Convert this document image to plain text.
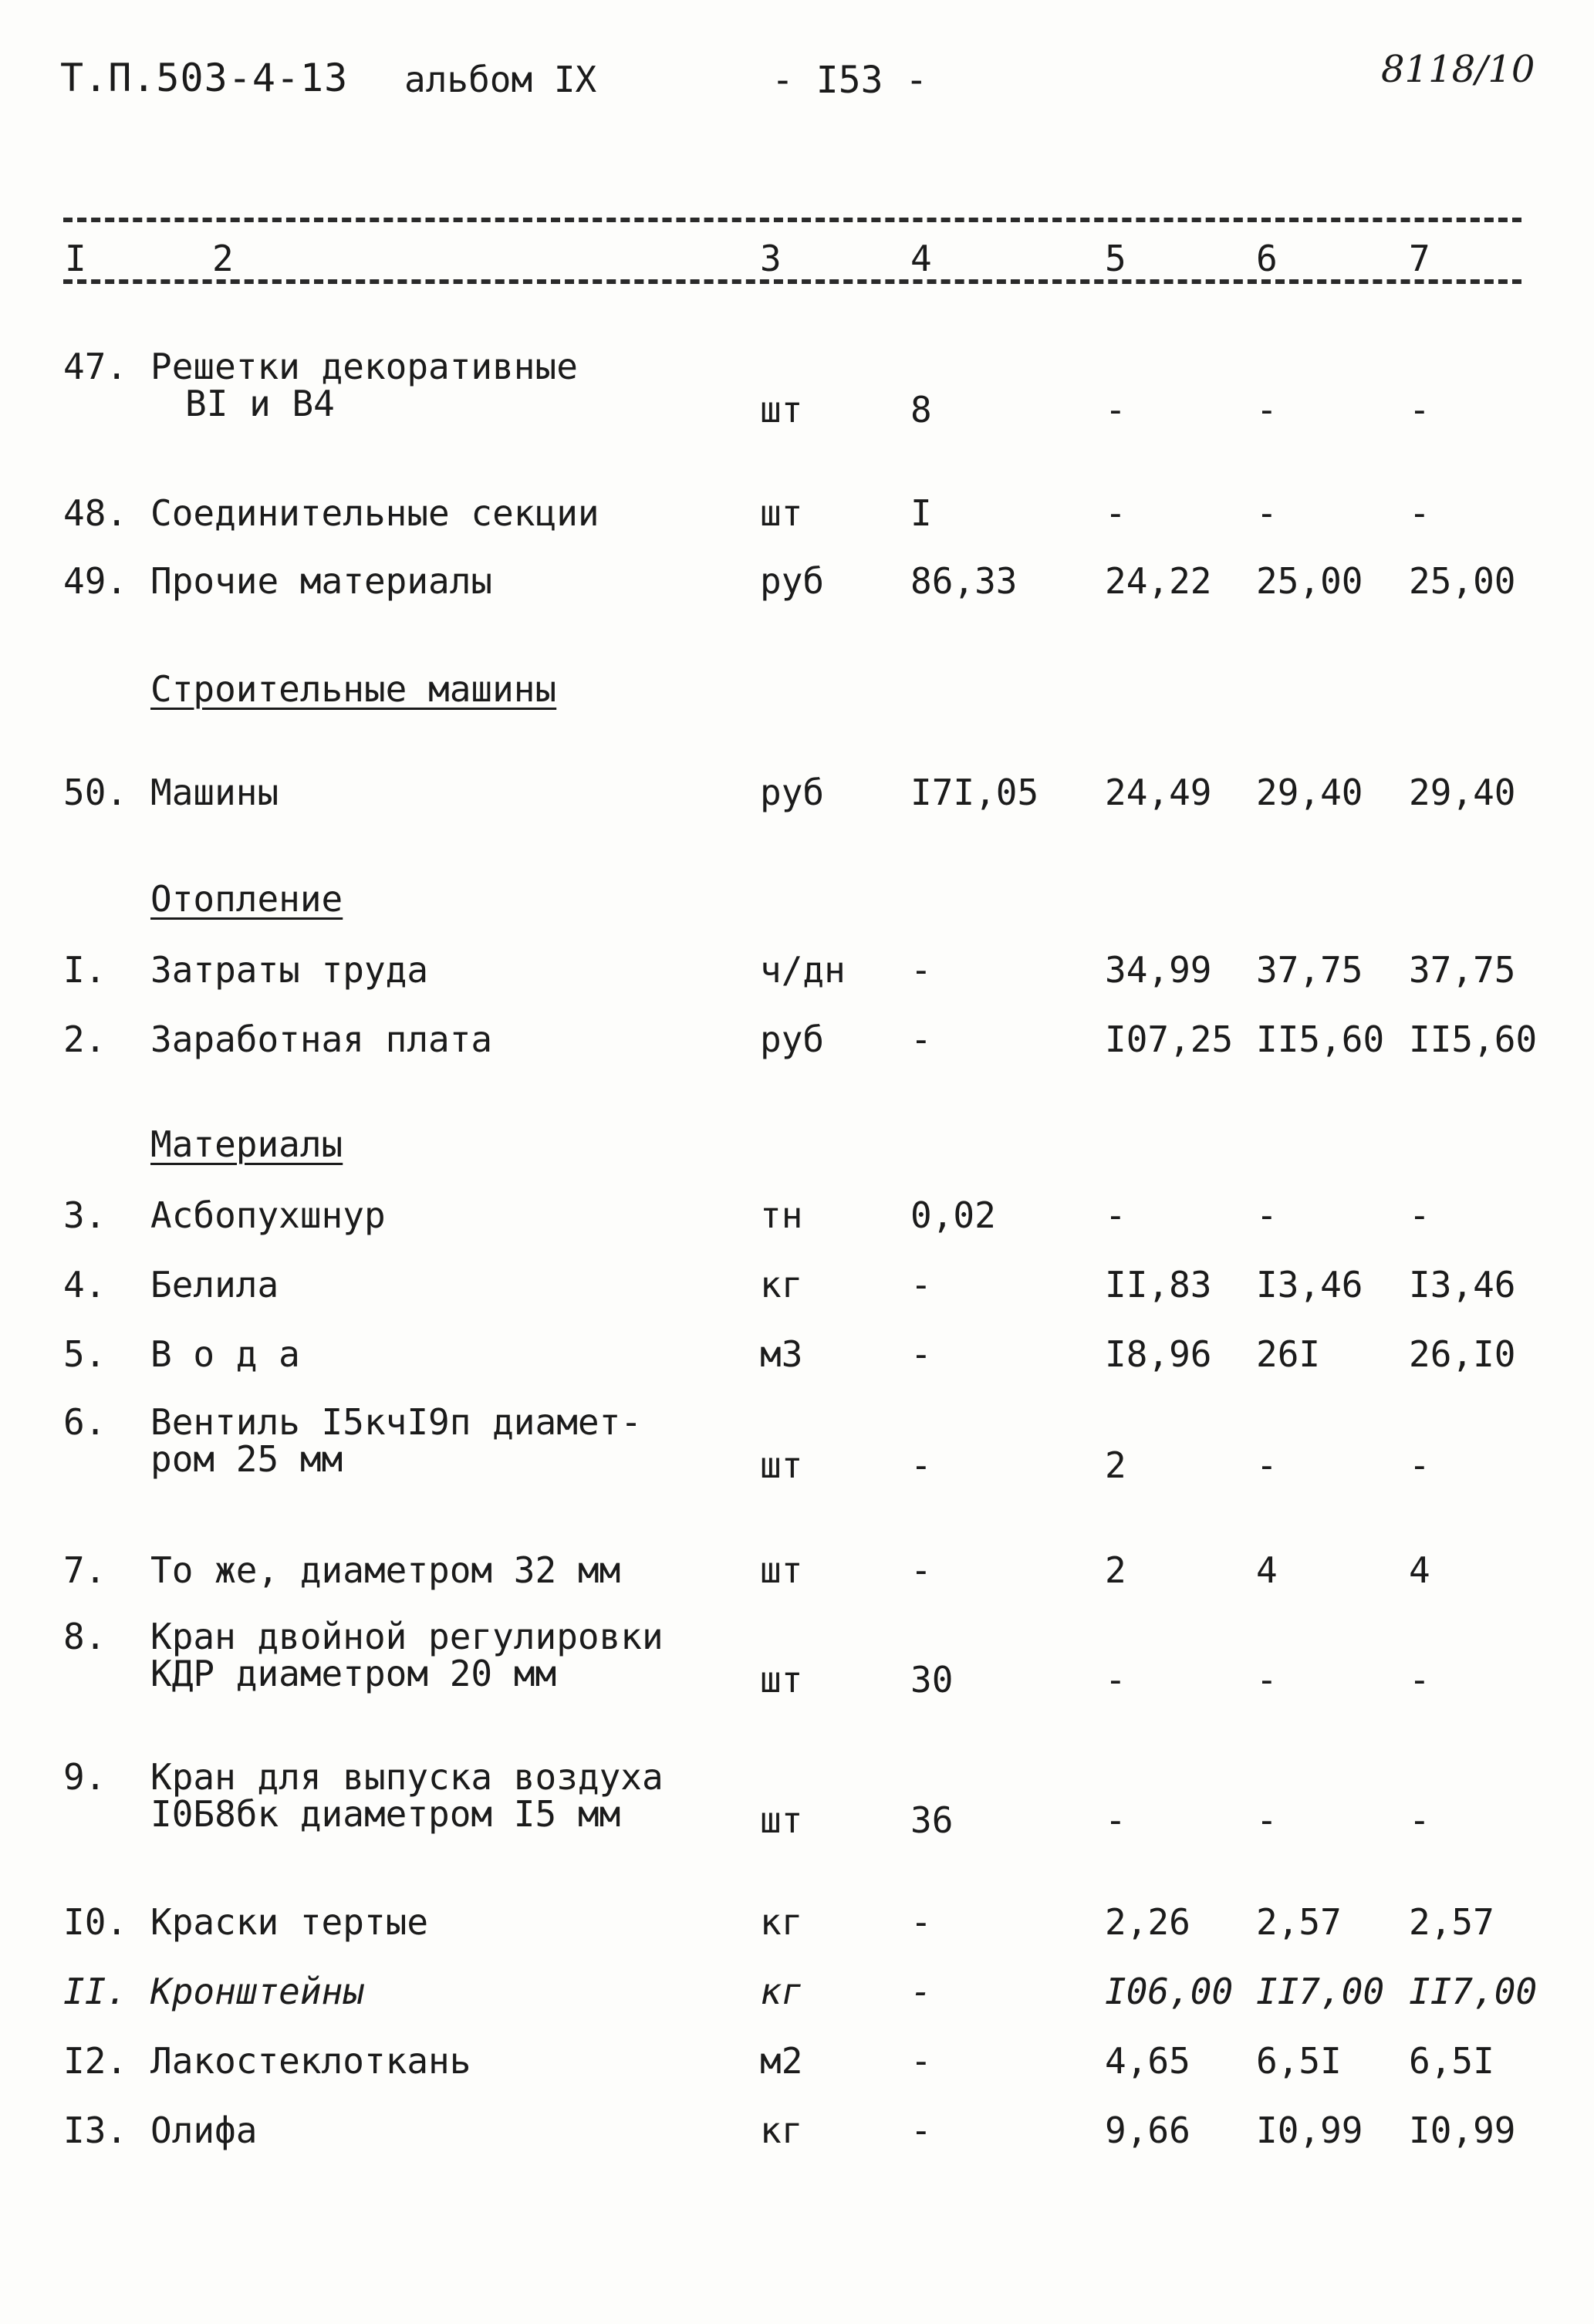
Т.П.503-4-13 альбом IX	- I53 -	8118/10
I	2	3	4	5	6	7
47. Решетки декоративные
BI и B4	шт	8	-	-	-
48. Соединительные секции	шт	I	-	-	-
49. Прочие материалы	руб 86,33 24,22 25,00 25,00
Строительные машины
50. Машины	руб I7I,05 24,49 29,40 29,40
Отопление
I. Затраты труда	ч/дн -	34,99 37,75 37,75
2. Заработная плата	руб -	I07,25 II5,60 II5,60
Материалы
3. Асбопухшнур	тн	0,02	-	-	-
4. Белила	кг	-	II,83 I3,46 I3,46
5. В о д а	м3	-	I8,96 26I 26,I0
6. Вентиль I5кчI9п диамет-
ром 25 мм	шт	-	2	-	-
7. То же, диаметром 32 мм	шт	-	2	4	4
8. Кран двойной регулировки
КДР диаметром 20 мм	шт	30	-	-	-
9. Кран для выпуска воздуха
I0Б8бк диаметром I5 мм	шт	36	-	-	-
I0. Краски тертые	кг	-	2,26 2,57 2,57
II. Кронштейны	кг	-	I06,00 II7,00 II7,00
I2. Лакостеклоткань	м2	-	4,65 6,5I 6,5I
I3. Олифа	кг	-	9,66 I0,99 I0,99
